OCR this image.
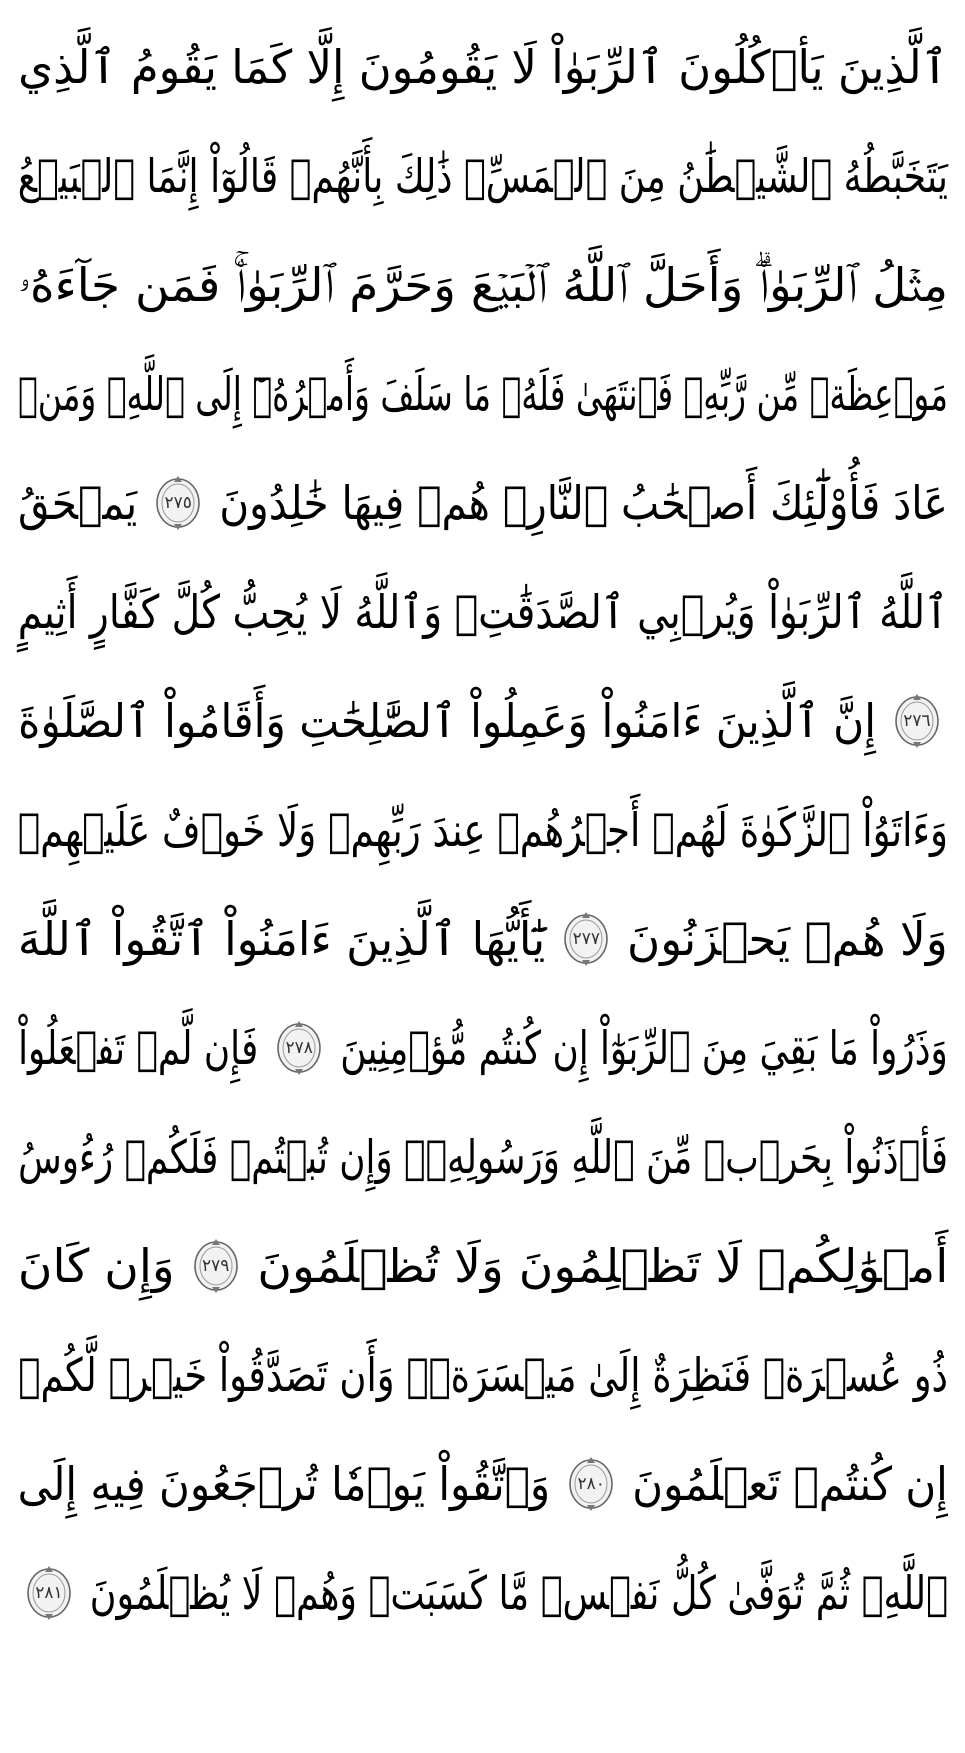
ٱلَّذِينَ يَأۡكُلُونَ ٱلرِّبَوٰاْ لَا يَقُومُونَ إِلَّا كَمَا يَقُومُ ٱلَّذِي
يَتَخَبَّطُهُ ٱلشَّيۡطَٰنُ مِنَ ٱلۡمَسِّۚ ذَٰلِكَ بِأَنَّهُمۡ قَالُوٓاْ إِنَّمَا ٱلۡبَيۡعُ
مِثۡلُ ٱلرِّبَوٰاْۗ وَأَحَلَّ ٱللَّهُ ٱلۡبَيۡعَ وَحَرَّمَ ٱلرِّبَوٰاْۚ فَمَن جَآءَهُۥ
مَوۡعِظَةٞ مِّن رَّبِّهِۦ فَٱنتَهَىٰ فَلَهُۥ مَا سَلَفَ وَأَمۡرُهُۥٓ إِلَى ٱللَّهِۖ وَمَنۡ
عَادَ فَأُوْلَٰٓئِكَ أَصۡحَٰبُ ٱلنَّارِۖ هُمۡ فِيهَا خَٰلِدُونَ
٢٧٥
يَمۡحَقُ
ٱللَّهُ ٱلرِّبَوٰاْ وَيُرۡبِي ٱلصَّدَقَٰتِۗ وَٱللَّهُ لَا يُحِبُّ كُلَّ كَفَّارٍ أَثِيمٍ
٢٧٦
إِنَّ ٱلَّذِينَ ءَامَنُواْ وَعَمِلُواْ ٱلصَّٰلِحَٰتِ وَأَقَامُواْ ٱلصَّلَوٰةَ
وَءَاتَوُاْ ٱلزَّكَوٰةَ لَهُمۡ أَجۡرُهُمۡ عِندَ رَبِّهِمۡ وَلَا خَوۡفٌ عَلَيۡهِمۡ
وَلَا هُمۡ يَحۡزَنُونَ
٢٧٧
يَٰٓأَيُّهَا ٱلَّذِينَ ءَامَنُواْ ٱتَّقُواْ ٱللَّهَ
وَذَرُواْ مَا بَقِيَ مِنَ ٱلرِّبَوٰٓاْ إِن كُنتُم مُّؤۡمِنِينَ
٢٧٨
فَإِن لَّمۡ تَفۡعَلُواْ
فَأۡذَنُواْ بِحَرۡبٖ مِّنَ ٱللَّهِ وَرَسُولِهِۦۖ وَإِن تُبۡتُمۡ فَلَكُمۡ رُءُوسُ
أَمۡوَٰلِكُمۡ لَا تَظۡلِمُونَ وَلَا تُظۡلَمُونَ
٢٧٩
وَإِن كَانَ
ذُو عُسۡرَةٖ فَنَظِرَةٌ إِلَىٰ مَيۡسَرَةٖۚ وَأَن تَصَدَّقُواْ خَيۡرٞ لَّكُمۡ
إِن كُنتُمۡ تَعۡلَمُونَ
٢٨٠
وَٱتَّقُواْ يَوۡمٗا تُرۡجَعُونَ فِيهِ إِلَى
ٱللَّهِۖ ثُمَّ تُوَفَّىٰ كُلُّ نَفۡسٖ مَّا كَسَبَتۡ وَهُمۡ لَا يُظۡلَمُونَ
٢٨١
